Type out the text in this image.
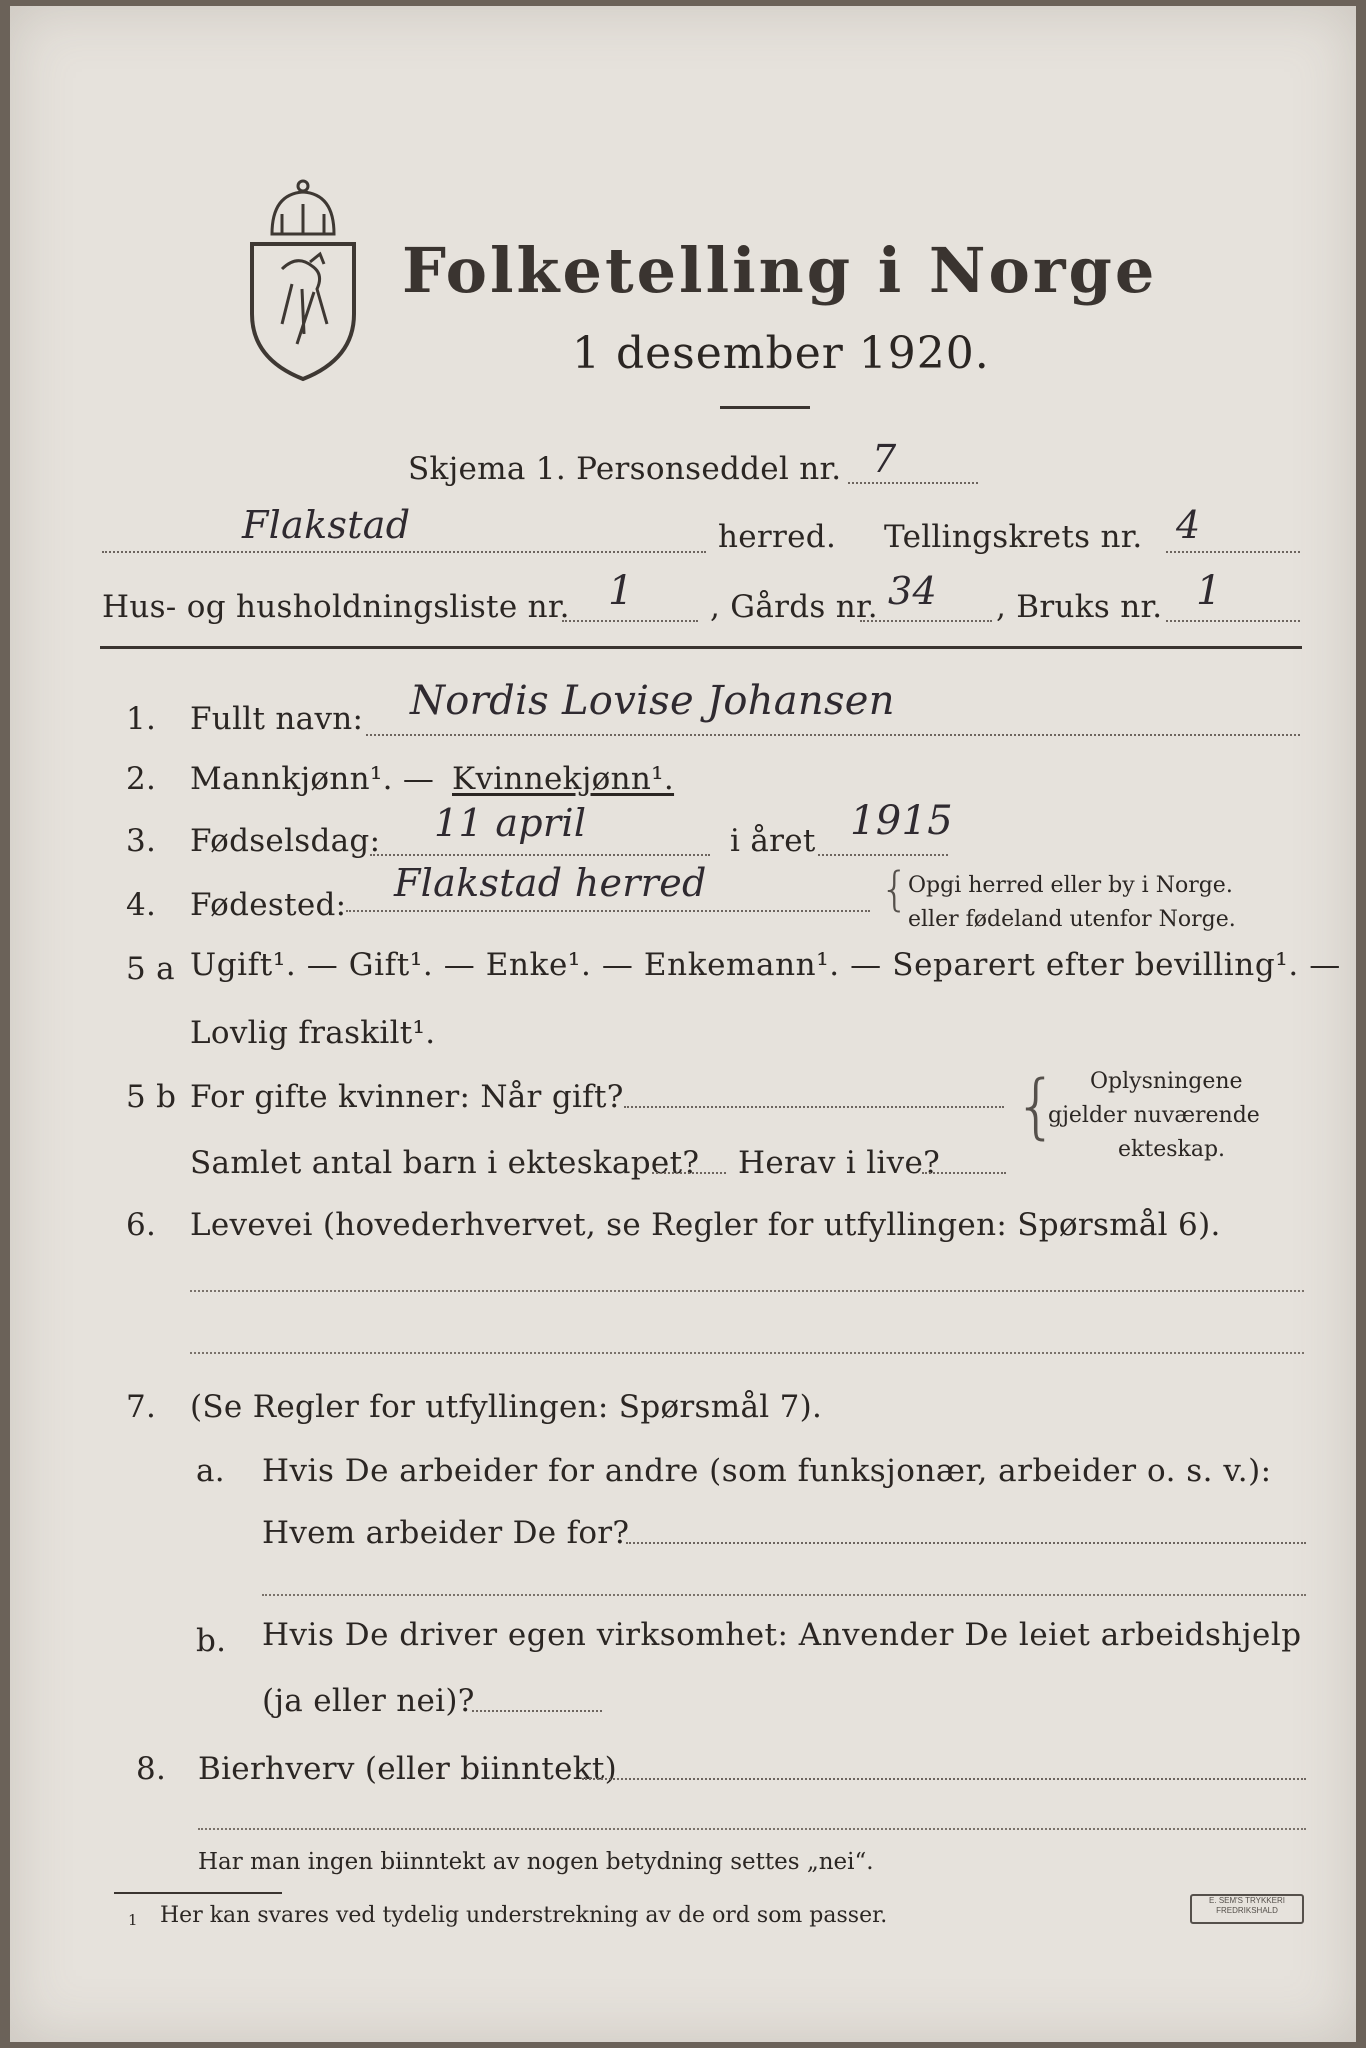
Folketelling i Norge
1 desember 1920.
Skjema 1. Personseddel nr. 7
Flakstad	herred. Tellingskrets nr. 4
Hus- og husholdningsliste nr. 1 , Gårds nr. 34 , Bruks nr. 1
1. Fullt navn: Nordis Lovise Johansen
2. Mannkjønn¹. — Kvinnekjønn¹.
3. Fødselsdag: 11 april	i året 1915
4. Fødested: Flakstad herred	{
Opgi herred eller by i Norge.
eller fødeland utenfor Norge.
5 a Ugift¹. — Gift¹. — Enke¹. — Enkemann¹. — Separert efter bevilling¹. —
Lovlig fraskilt¹.
5 b For gifte kvinner: Når gift?
Samlet antal barn i ekteskapet? Herav i live?
{ Oplysningene
gjelder nuværende
ekteskap.
6. Levevei (hovederhvervet, se Regler for utfyllingen: Spørsmål 6).
7. (Se Regler for utfyllingen: Spørsmål 7).
a. Hvis De arbeider for andre (som funksjonær, arbeider o. s. v.):
Hvem arbeider De for?
b. Hvis De driver egen virksomhet: Anvender De leiet arbeidshjelp
(ja eller nei)?
8. Bierhverv (eller biinntekt)
Har man ingen biinntekt av nogen betydning settes „nei“.
1 Her kan svares ved tydelig understrekning av de ord som passer.
E. SEM'S TRYKKERI
FREDRIKSHALD
